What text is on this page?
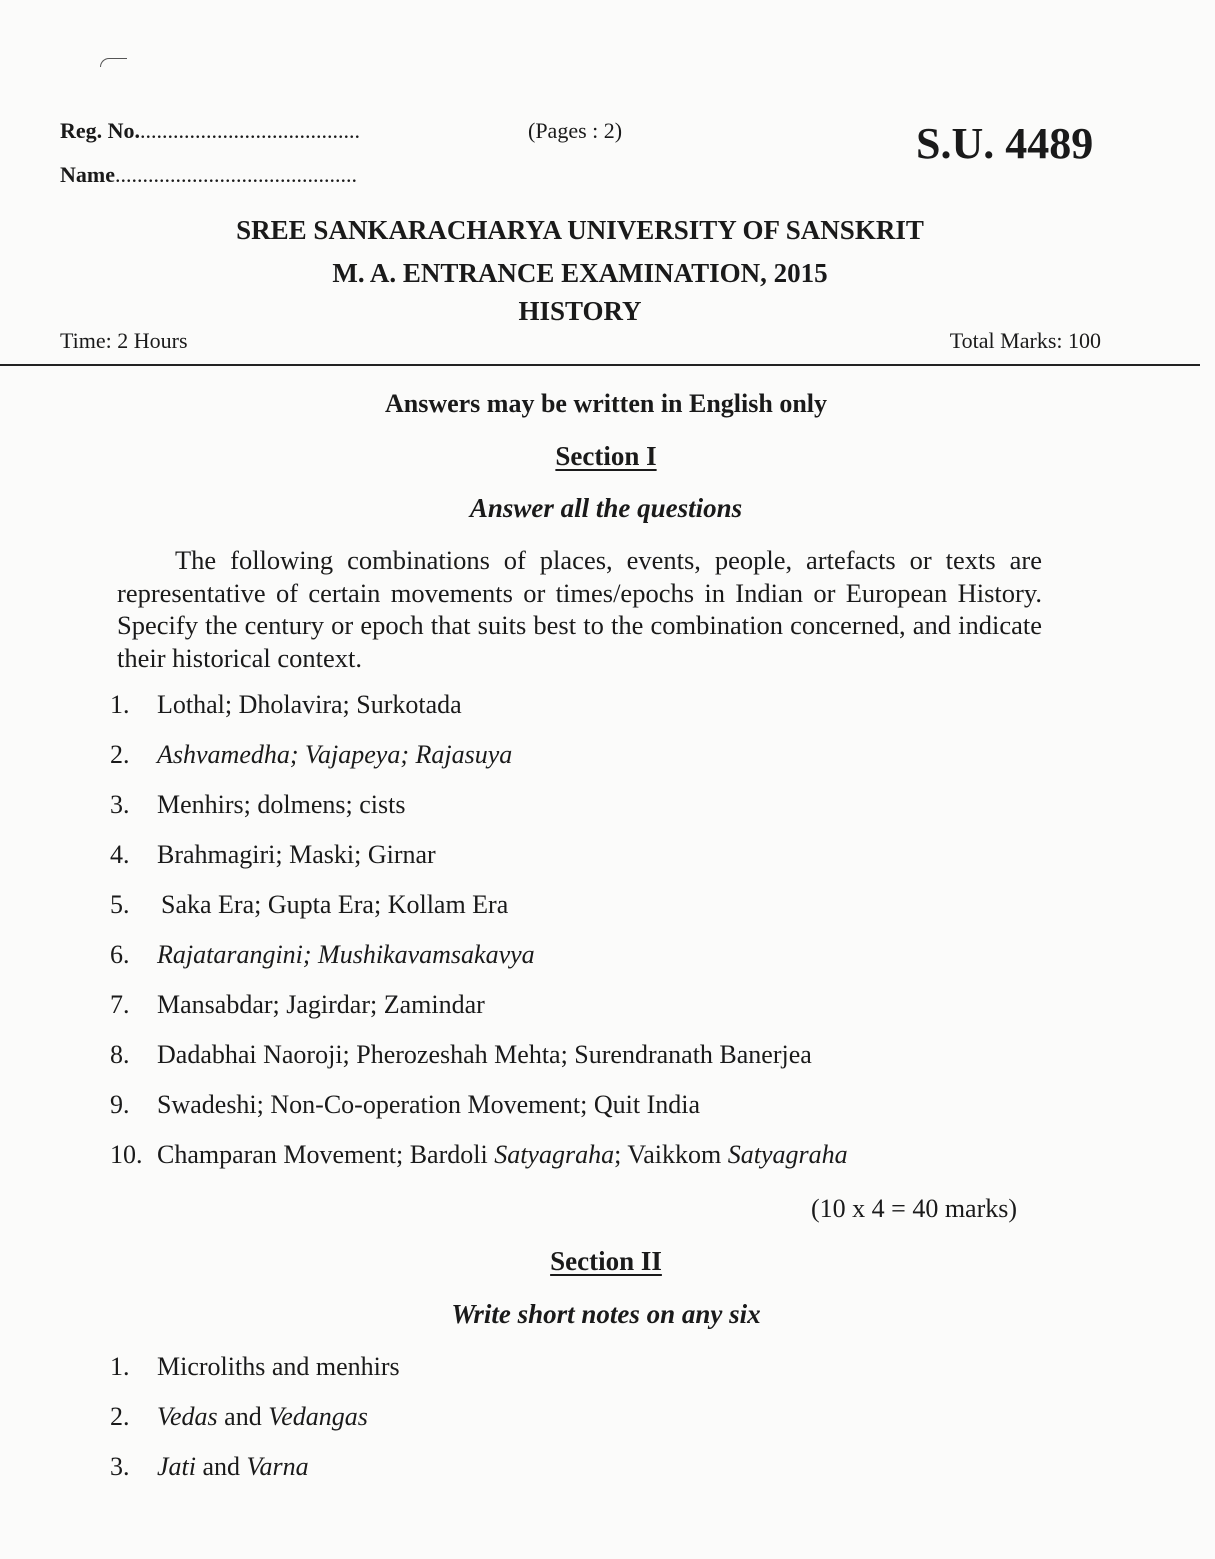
Reg. No.........................................
Name............................................
(Pages : 2)	S.U. 4489
SREE SANKARACHARYA UNIVERSITY OF SANSKRIT
M. A. ENTRANCE EXAMINATION, 2015
HISTORY
Time: 2 Hours	Total Marks: 100
Answers may be written in English only
Section I
Answer all the questions
The following combinations of places, events, people, artefacts or texts are representative of certain movements or times/epochs in Indian or European History. Specify the century or epoch that suits best to the combination concerned, and indicate their historical context.
1. Lothal; Dholavira; Surkotada
2. Ashvamedha; Vajapeya; Rajasuya
3. Menhirs; dolmens; cists
4. Brahmagiri; Maski; Girnar
5. Saka Era; Gupta Era; Kollam Era
6. Rajatarangini; Mushikavamsakavya
7. Mansabdar; Jagirdar; Zamindar
8. Dadabhai Naoroji; Pherozeshah Mehta; Surendranath Banerjea
9. Swadeshi; Non-Co-operation Movement; Quit India
10. Champaran Movement; Bardoli Satyagraha; Vaikkom Satyagraha
(10 x 4 = 40 marks)
Section II
Write short notes on any six
1. Microliths and menhirs
2. Vedas and Vedangas
3. Jati and Varna
